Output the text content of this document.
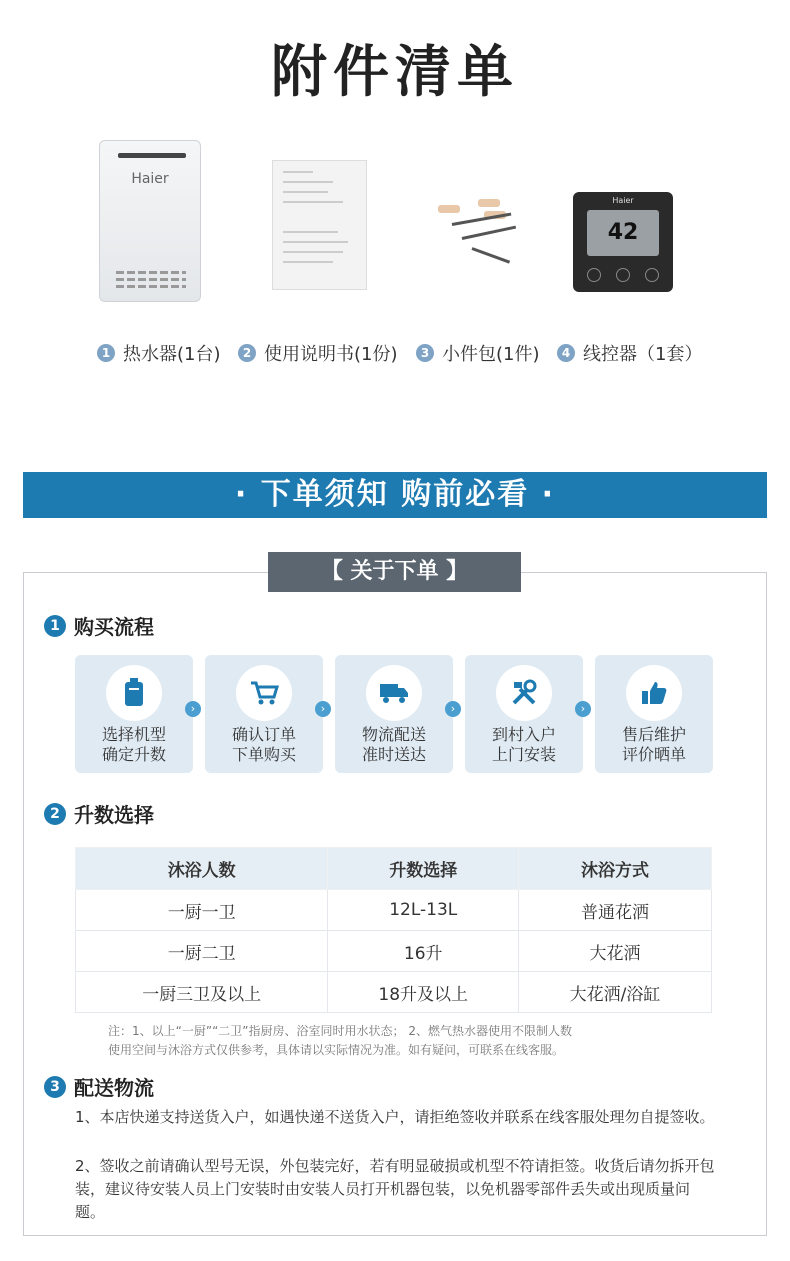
附件清单
Haier
Haier
42
1 热水器(1台)	2 使用说明书(1份)	3 小件包(1件)	4 线控器（1套）
· 下单须知 购前必看 ·
【 关于下单 】
1 购买流程
选择机型
确定升数
›
确认订单
下单购买
›
物流配送
准时送达
›
到村入户
上门安装
›
售后维护
评价晒单
2 升数选择
沐浴人数	升数选择	沐浴方式
一厨一卫	12L-13L	普通花洒
一厨二卫	16升	大花洒
一厨三卫及以上	18升及以上	大花洒/浴缸
注：1、以上“一厨”“二卫”指厨房、浴室同时用水状态； 2、燃气热水器使用不限制人数
使用空间与沐浴方式仅供参考，具体请以实际情况为准。如有疑问，可联系在线客服。
3 配送物流
1、本店快递支持送货入户，如遇快递不送货入户，请拒绝签收并联系在线客服处理勿自提签收。
2、签收之前请确认型号无误，外包装完好，若有明显破损或机型不符请拒签。收货后请勿拆开包装，建议待安装人员上门安装时由安装人员打开机器包装，以免机器零部件丢失或出现质量问题。
